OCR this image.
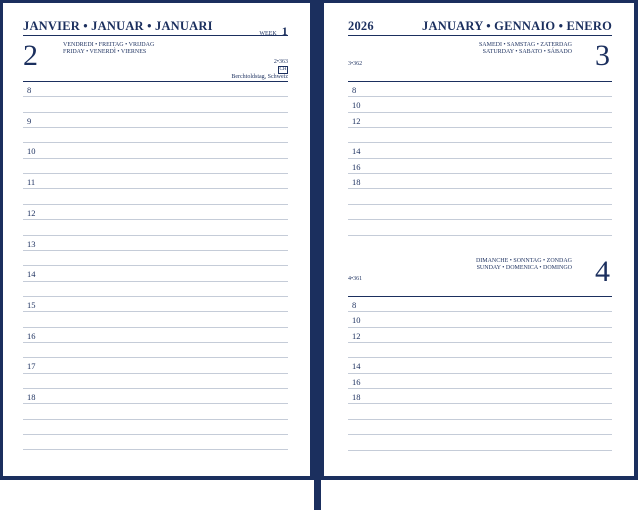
JANVIER • JANUAR • JANUARI
WEEK 1
2	VENDREDI • FREITAG • VRIJDAG
FRIDAY • VENERDÌ • VIERNES
2•363
CH
Berchtoldstag, Schweiz
8
9
10
11
12
13
14
15
16
17
18
2026	JANUARY • GENNAIO • ENERO
SAMEDI • SAMSTAG • ZATERDAG
SATURDAY • SABATO • SÁBADO 3
3•362
8
10
12
14
16
18
DIMANCHE • SONNTAG • ZONDAG
SUNDAY • DOMENICA • DOMINGO 4
4•361
8
10
12
14
16
18
